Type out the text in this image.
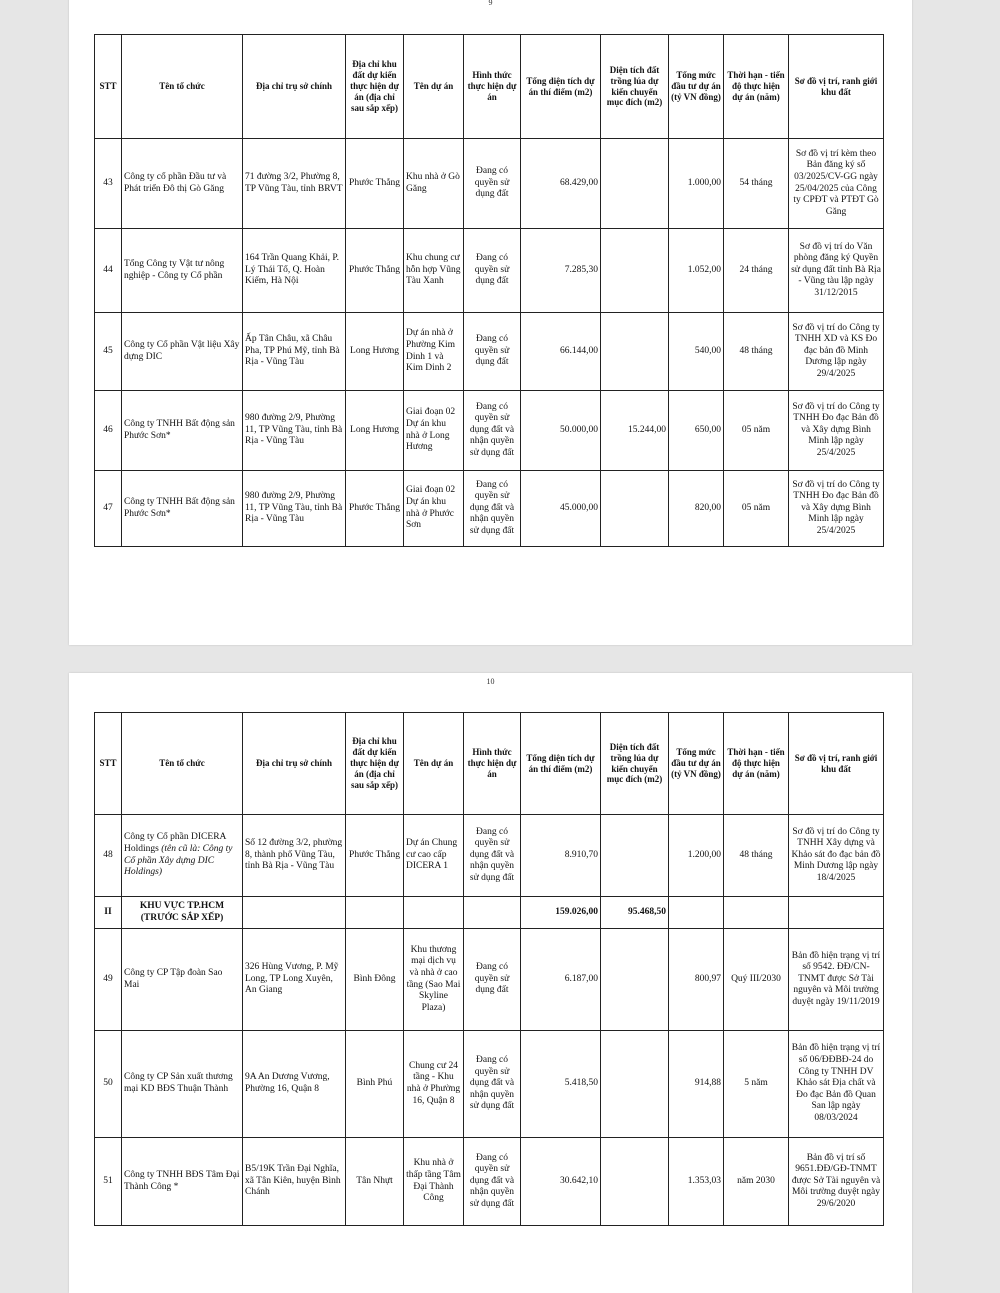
9
STT	Tên tổ chức	Địa chỉ trụ sở chính	Địa chỉ khu đất dự kiến thực hiện dự án (địa chỉ sau sắp xếp)	Tên dự án	Hình thức thực hiện dự án	Tổng diện tích dự án thí điểm (m2)	Diện tích đất trồng lúa dự kiến chuyển mục đích (m2)	Tổng mức đầu tư dự án (tỷ VN đồng)	Thời hạn - tiến độ thực hiện dự án (năm)	Sơ đồ vị trí, ranh giới khu đất
43	Công ty cổ phần Đầu tư và Phát triển Đô thị Gò Găng	71 đường 3/2, Phường 8, TP Vũng Tàu, tỉnh BRVT	Phước Thắng	Khu nhà ở Gò Găng	Đang có quyền sử dụng đất	68.429,00		1.000,00	54 tháng	Sơ đồ vị trí kèm theo Bản đăng ký số 03/2025/CV-GG ngày 25/04/2025 của Công ty CPĐT và PTĐT Gò Găng
44	Tổng Công ty Vật tư nông nghiệp - Công ty Cổ phần	164 Trần Quang Khải, P. Lý Thái Tổ, Q. Hoàn Kiếm, Hà Nội	Phước Thắng	Khu chung cư hỗn hợp Vũng Tàu Xanh	Đang có quyền sử dụng đất	7.285,30		1.052,00	24 tháng	Sơ đồ vị trí do Văn phòng đăng ký Quyền sử dụng đất tỉnh Bà Rịa - Vũng tàu lập ngày 31/12/2015
45	Công ty Cổ phần Vật liệu Xây dựng DIC	Ấp Tân Châu, xã Châu Pha, TP Phú Mỹ, tỉnh Bà Rịa - Vũng Tàu	Long Hương	Dự án nhà ở Phường Kim Dinh 1 và Kim Dinh 2	Đang có quyền sử dụng đất	66.144,00		540,00	48 tháng	Sơ đồ vị trí do Công ty TNHH XD và KS Đo đạc bản đồ Minh Dương lập ngày 29/4/2025
46	Công ty TNHH Bất động sản Phước Sơn*	980 đường 2/9, Phường 11, TP Vũng Tàu, tỉnh Bà Rịa - Vũng Tàu	Long Hương	Giai đoạn 02 Dự án khu nhà ở Long Hương	Đang có quyền sử dụng đất và nhận quyền sử dụng đất	50.000,00	15.244,00	650,00	05 năm	Sơ đồ vị trí do Công ty TNHH Đo đạc Bản đồ và Xây dựng Bình Minh lập ngày 25/4/2025
47	Công ty TNHH Bất động sản Phước Sơn*	980 đường 2/9, Phường 11, TP Vũng Tàu, tỉnh Bà Rịa - Vũng Tàu	Phước Thắng	Giai đoạn 02 Dự án khu nhà ở Phước Sơn	Đang có quyền sử dụng đất và nhận quyền sử dụng đất	45.000,00		820,00	05 năm	Sơ đồ vị trí do Công ty TNHH Đo đạc Bản đồ và Xây dựng Bình Minh lập ngày 25/4/2025
10
STT	Tên tổ chức	Địa chỉ trụ sở chính	Địa chỉ khu đất dự kiến thực hiện dự án (địa chỉ sau sắp xếp)	Tên dự án	Hình thức thực hiện dự án	Tổng diện tích dự án thí điểm (m2)	Diện tích đất trồng lúa dự kiến chuyển mục đích (m2)	Tổng mức đầu tư dự án (tỷ VN đồng)	Thời hạn - tiến độ thực hiện dự án (năm)	Sơ đồ vị trí, ranh giới khu đất
48	Công ty Cổ phần DICERA Holdings (tên cũ là: Công ty Cổ phần Xây dựng DIC Holdings)	Số 12 đường 3/2, phường 8, thành phố Vũng Tàu, tỉnh Bà Rịa - Vũng Tàu	Phước Thắng	Dự án Chung cư cao cấp DICERA 1	Đang có quyền sử dụng đất và nhận quyền sử dụng đất	8.910,70		1.200,00	48 tháng	Sơ đồ vị trí do Công ty TNHH Xây dựng và Khảo sát đo đạc bản đồ Minh Dương lập ngày 18/4/2025
II	KHU VỰC TP.HCM (TRƯỚC SẮP XẾP)					159.026,00	95.468,50			
49	Công ty CP Tập đoàn Sao Mai	326 Hùng Vương, P. Mỹ Long, TP Long Xuyên, An Giang	Bình Đông	Khu thương mại dịch vụ và nhà ở cao tầng (Sao Mai Skyline Plaza)	Đang có quyền sử dụng đất	6.187,00		800,97	Quý III/2030	Bản đồ hiện trạng vị trí số 9542. ĐĐ/CN-TNMT được Sở Tài nguyên và Môi trường duyệt ngày 19/11/2019
50	Công ty CP Sản xuất thương mại KD BĐS Thuận Thành	9A An Dương Vương, Phường 16, Quận 8	Bình Phú	Chung cư 24 tầng - Khu nhà ở Phường 16, Quận 8	Đang có quyền sử dụng đất và nhận quyền sử dụng đất	5.418,50		914,88	5 năm	Bản đồ hiện trạng vị trí số 06/ĐĐBĐ-24 do Công ty TNHH DV Khảo sát Địa chất và Đo đạc Bản đồ Quan San lập ngày 08/03/2024
51	Công ty TNHH BĐS Tâm Đại Thành Công *	B5/19K Trần Đại Nghĩa, xã Tân Kiên, huyện Bình Chánh	Tân Nhựt	Khu nhà ở thấp tầng Tâm Đại Thành Công	Đang có quyền sử dụng đất và nhận quyền sử dụng đất	30.642,10		1.353,03	năm 2030	Bản đồ vị trí số 9651.ĐĐ/GĐ-TNMT được Sở Tài nguyên và Môi trường duyệt ngày 29/6/2020
